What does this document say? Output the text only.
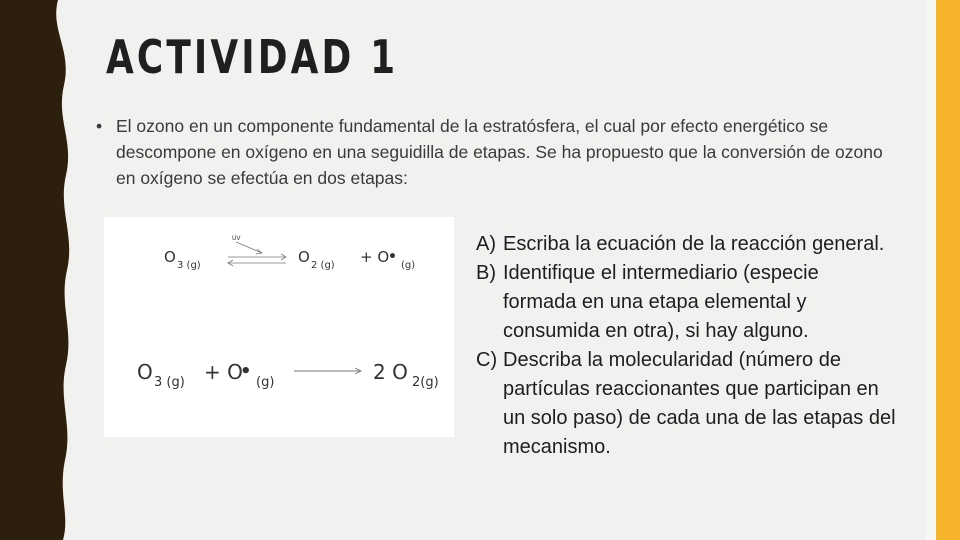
ACTIVIDAD 1
• El ozono en un componente fundamental de la estratósfera, el cual por efecto energético se descompone en oxígeno en una seguidilla de etapas. Se ha propuesto que la conversión de ozono en oxígeno se efectúa en dos etapas:
O 3 (g)
UV
O 2 (g) + O
•
(g)
O 3 (g) + O
•
(g)	2 O 2(g)
A) Escriba la ecuación de la reacción general.
B) Identifique el intermediario (especie formada en una etapa elemental y consumida en otra), si hay alguno.
C) Describa la molecularidad (número de partículas reaccionantes que participan en un solo paso) de cada una de las etapas del mecanismo.
